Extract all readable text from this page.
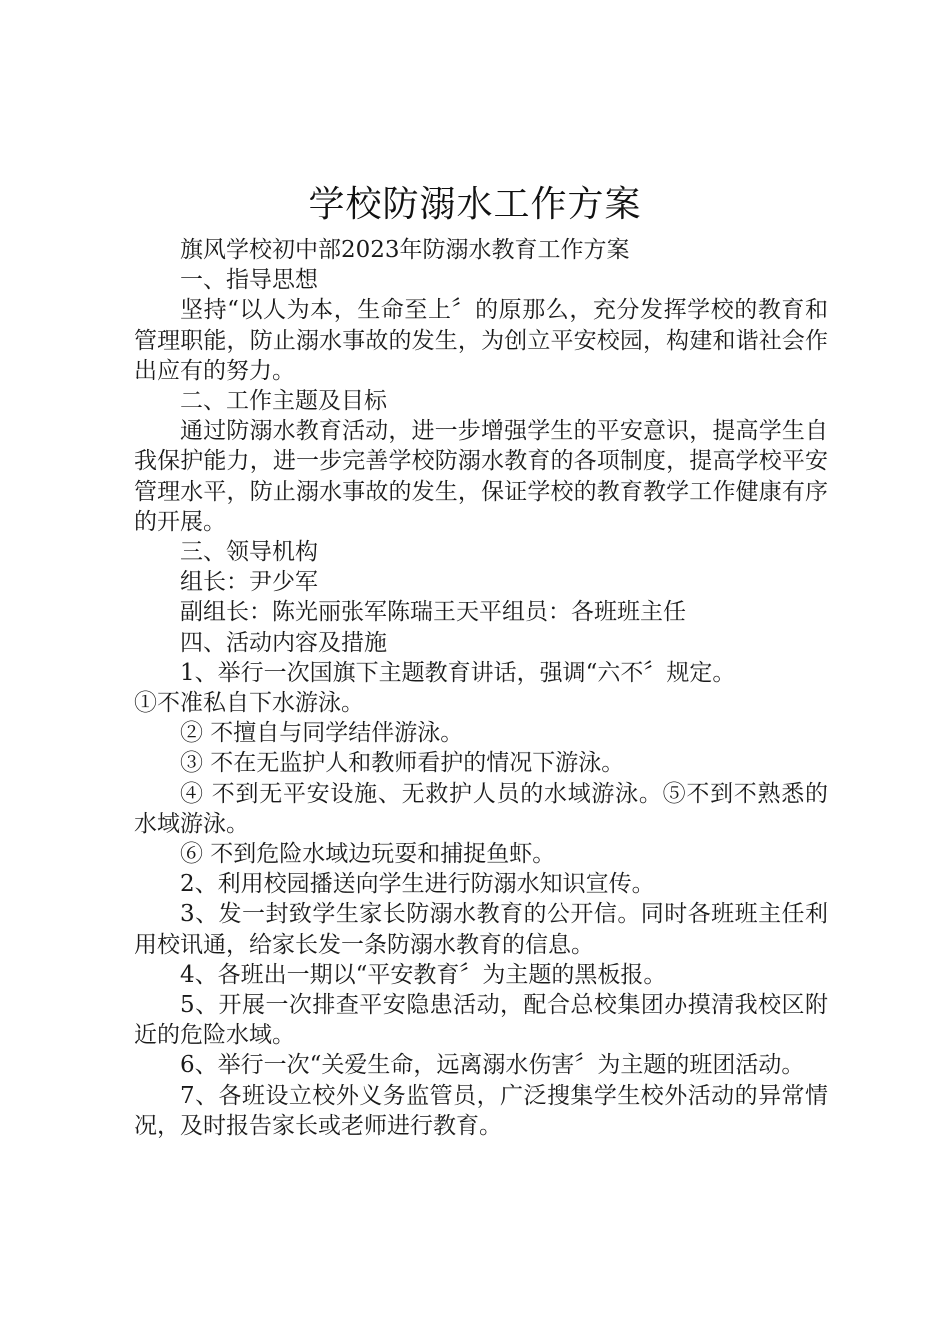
学校防溺水工作方案

旗风学校初中部2023年防溺水教育工作方案

一、指导思想

坚持“以人为本，生命至上〞的原那么，充分发挥学校的教育和管理职能，防止溺水事故的发生，为创立平安校园，构建和谐社会作出应有的努力。

二、工作主题及目标

通过防溺水教育活动，进一步增强学生的平安意识，提高学生自我保护能力，进一步完善学校防溺水教育的各项制度，提高学校平安管理水平，防止溺水事故的发生，保证学校的教育教学工作健康有序的开展。

三、领导机构

组长：尹少军

副组长：陈光丽张军陈瑞王天平组员：各班班主任

四、活动内容及措施

1、举行一次国旗下主题教育讲话，强调“六不〞规定。

①不准私自下水游泳。

② 不擅自与同学结伴游泳。

③ 不在无监护人和教师看护的情况下游泳。

④ 不到无平安设施、无救护人员的水域游泳。⑤不到不熟悉的水域游泳。

⑥ 不到危险水域边玩耍和捕捉鱼虾。

2、利用校园播送向学生进行防溺水知识宣传。

3、发一封致学生家长防溺水教育的公开信。同时各班班主任利用校讯通，给家长发一条防溺水教育的信息。

4、各班出一期以“平安教育〞为主题的黑板报。

5、开展一次排查平安隐患活动，配合总校集团办摸清我校区附近的危险水域。

6、举行一次“关爱生命，远离溺水伤害〞为主题的班团活动。

7、各班设立校外义务监管员，广泛搜集学生校外活动的异常情况，及时报告家长或老师进行教育。
